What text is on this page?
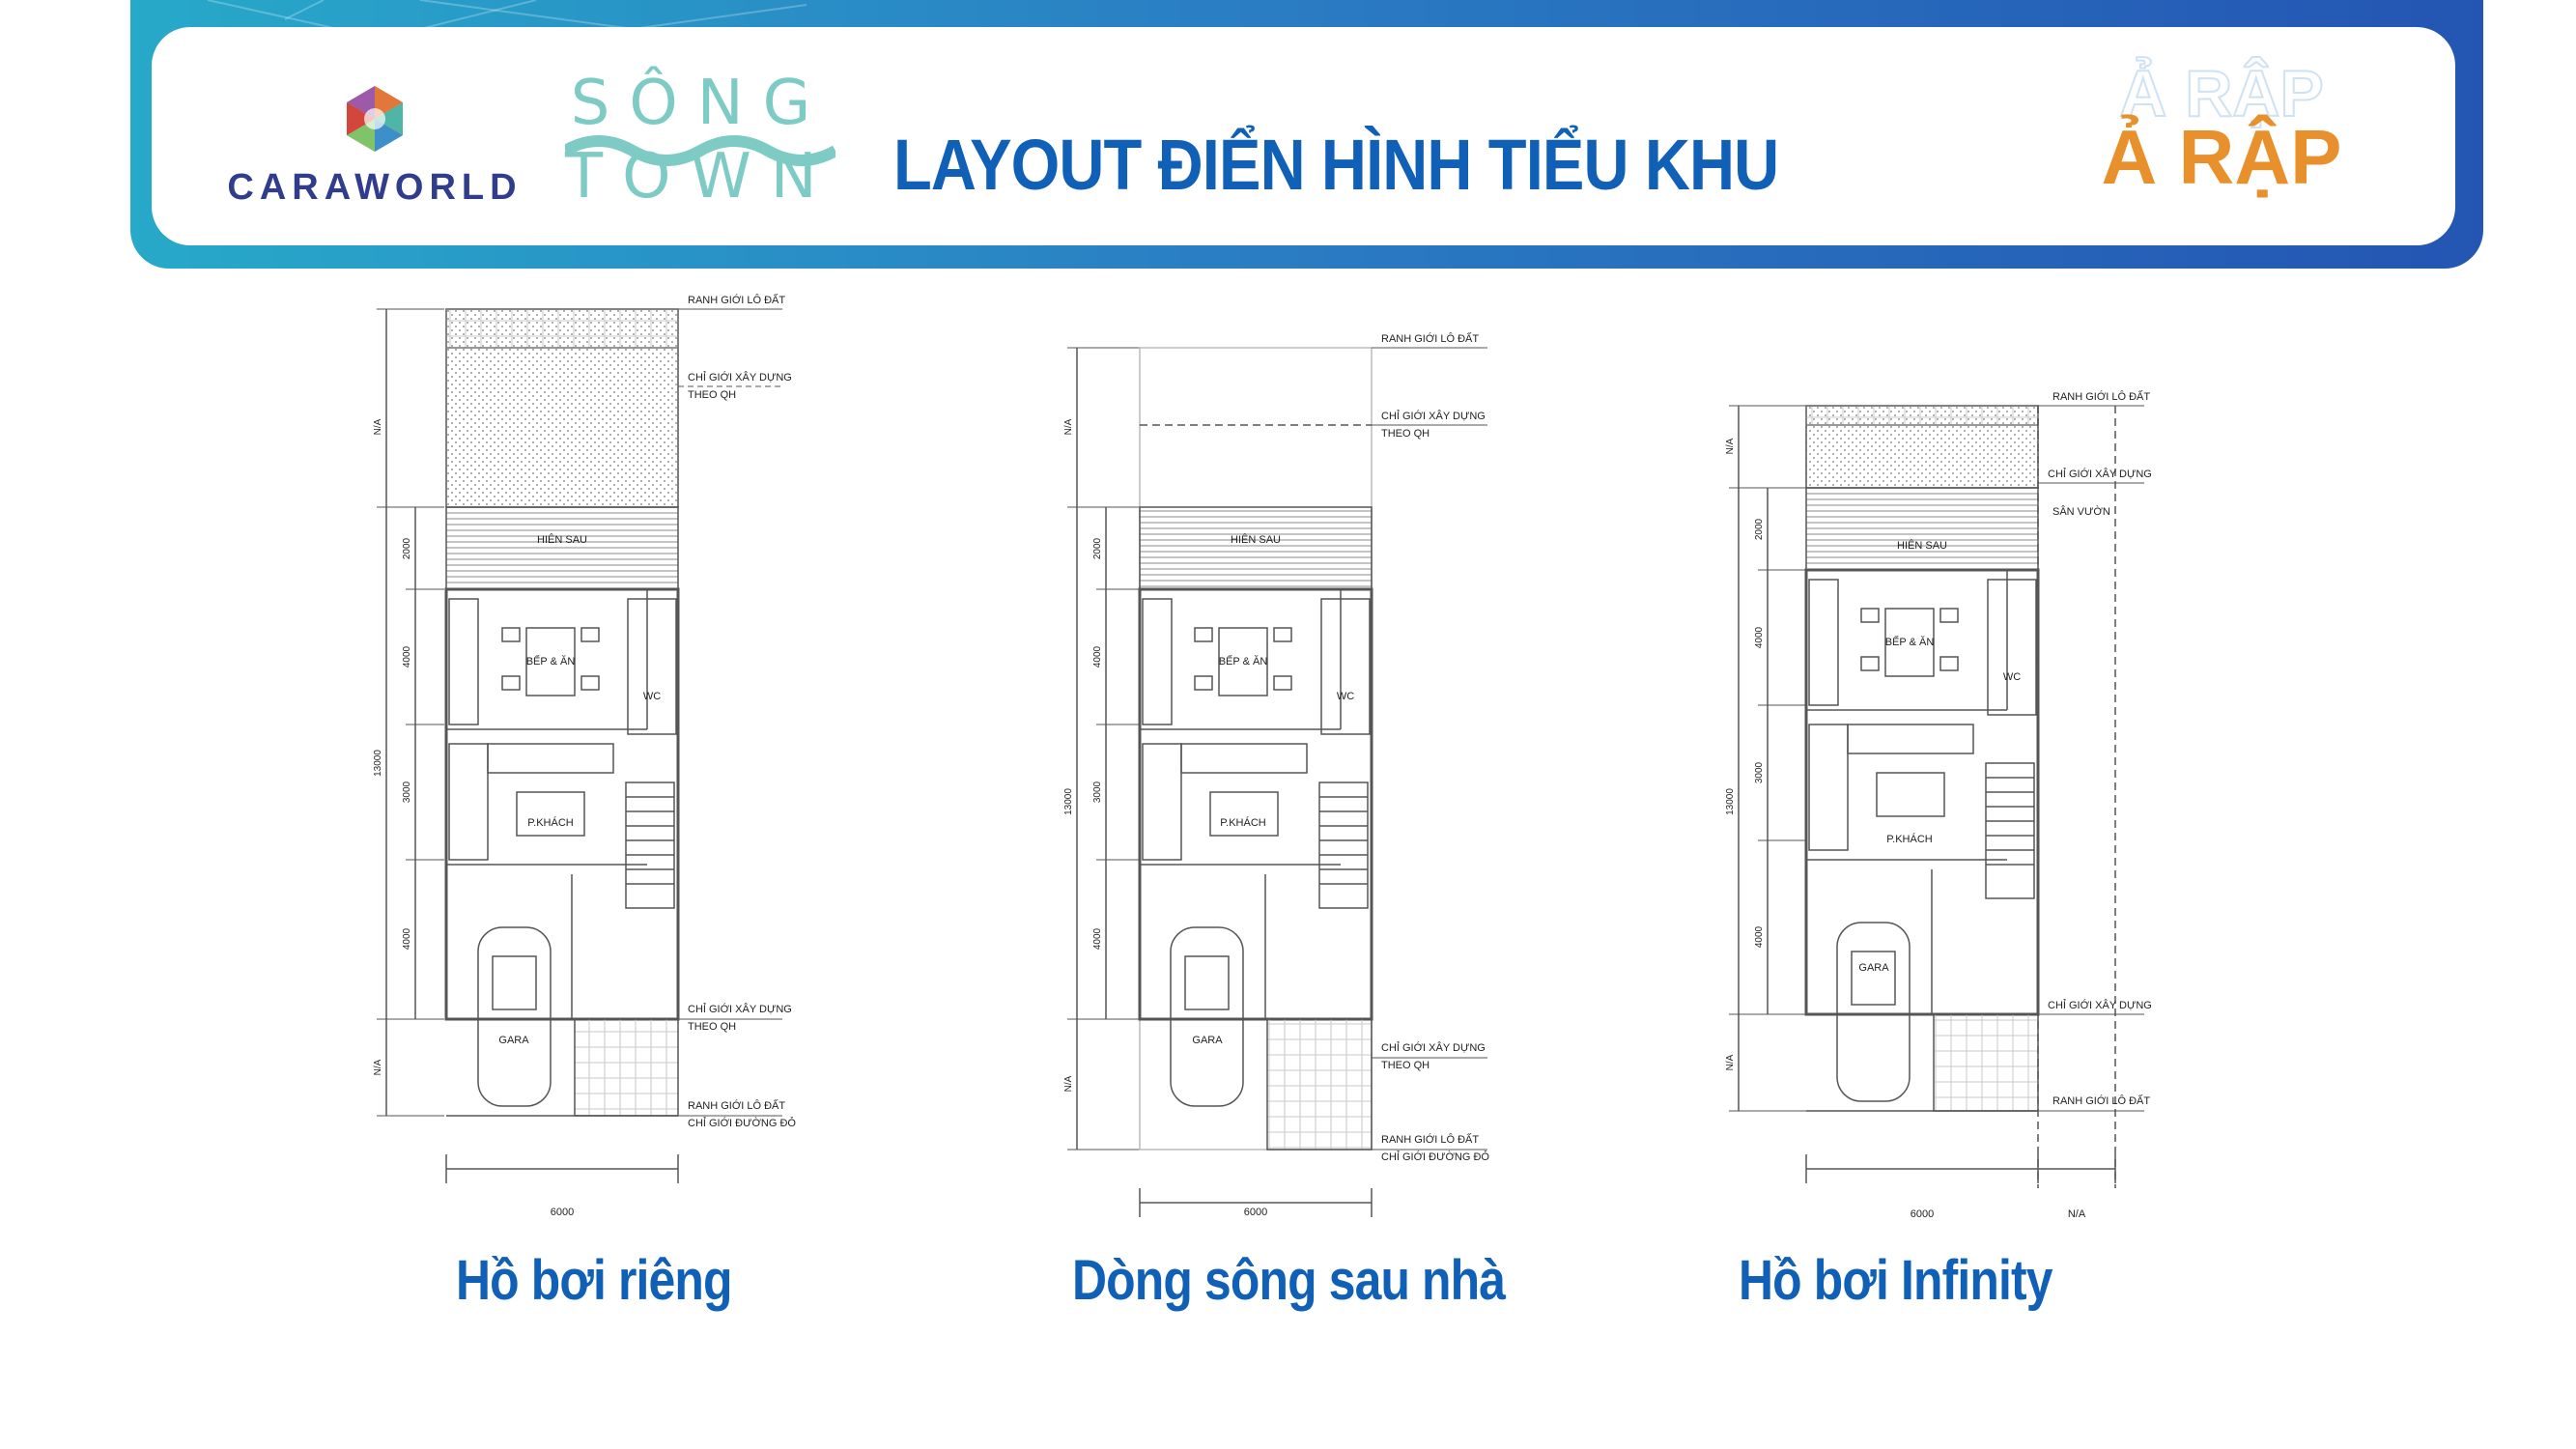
CARAWORLD
SÔNG
TOWN LAYOUT ĐIỂN HÌNH TIỂU KHU
Ả RẬP
Ả RẬP
RANH GIỚI LÔ ĐẤT
CHỈ GIỚI XÂY DỰNG
THEO QH
HIÊN SAU
BẾP & ĂN
WC
P.KHÁCH
GARA
CHỈ GIỚI XÂY DỰNG
THEO QH
RANH GIỚI LÔ ĐẤT
CHỈ GIỚI ĐƯỜNG ĐỎ
6000
N/A
2000
4000
13000
3000
4000
N/A
RANH GIỚI LÔ ĐẤT
CHỈ GIỚI XÂY DỰNG
THEO QH
HIÊN SAU
BẾP & ĂN
WC
P.KHÁCH
GARA
CHỈ GIỚI XÂY DỰNG
THEO QH
RANH GIỚI LÔ ĐẤT
CHỈ GIỚI ĐƯỜNG ĐỎ
6000
N/A
2000
4000
13000 3000
4000
N/A
RANH GIỚI LÔ ĐẤT
CHỈ GIỚI XÂY DỰNG
SÂN VƯỜN
HIÊN SAU
BẾP & ĂN
WC
P.KHÁCH
GARA
CHỈ GIỚI XÂY DỰNG
RANH GIỚI LÔ ĐẤT
6000	N/A
N/A
2000
4000
13000
3000
4000
N/A
Hồ bơi riêng	Dòng sông sau nhà	Hồ bơi Infinity
